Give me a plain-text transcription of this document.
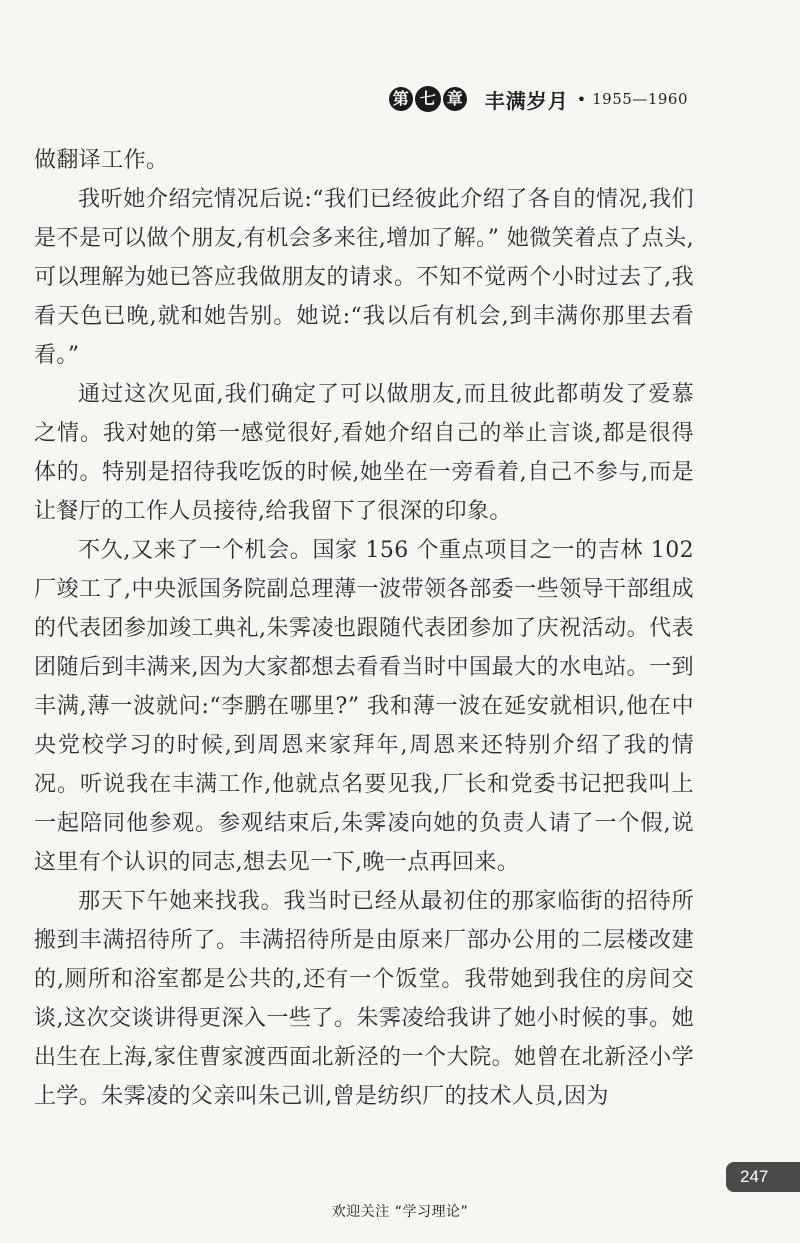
第 七 章 丰满岁月 • 1955—1960

做翻译工作。

我听她介绍完情况后说:“我们已经彼此介绍了各自的情况,我们是不是可以做个朋友,有机会多来往,增加了解。” 她微笑着点了点头,可以理解为她已答应我做朋友的请求。不知不觉两个小时过去了,我看天色已晚,就和她告别。她说:“我以后有机会,到丰满你那里去看看。”

通过这次见面,我们确定了可以做朋友,而且彼此都萌发了爱慕之情。我对她的第一感觉很好,看她介绍自己的举止言谈,都是很得体的。特别是招待我吃饭的时候,她坐在一旁看着,自己不参与,而是让餐厅的工作人员接待,给我留下了很深的印象。

不久,又来了一个机会。国家 156 个重点项目之一的吉林 102 厂竣工了,中央派国务院副总理薄一波带领各部委一些领导干部组成的代表团参加竣工典礼,朱霁凌也跟随代表团参加了庆祝活动。代表团随后到丰满来,因为大家都想去看看当时中国最大的水电站。一到丰满,薄一波就问:“李鹏在哪里?” 我和薄一波在延安就相识,他在中央党校学习的时候,到周恩来家拜年,周恩来还特别介绍了我的情况。听说我在丰满工作,他就点名要见我,厂长和党委书记把我叫上一起陪同他参观。参观结束后,朱霁凌向她的负责人请了一个假,说这里有个认识的同志,想去见一下,晚一点再回来。

那天下午她来找我。我当时已经从最初住的那家临街的招待所搬到丰满招待所了。丰满招待所是由原来厂部办公用的二层楼改建的,厕所和浴室都是公共的,还有一个饭堂。我带她到我住的房间交谈,这次交谈讲得更深入一些了。朱霁凌给我讲了她小时候的事。她出生在上海,家住曹家渡西面北新泾的一个大院。她曾在北新泾小学上学。朱霁凌的父亲叫朱己训,曾是纺织厂的技术人员,因为

247
欢迎关注 “学习理论”
